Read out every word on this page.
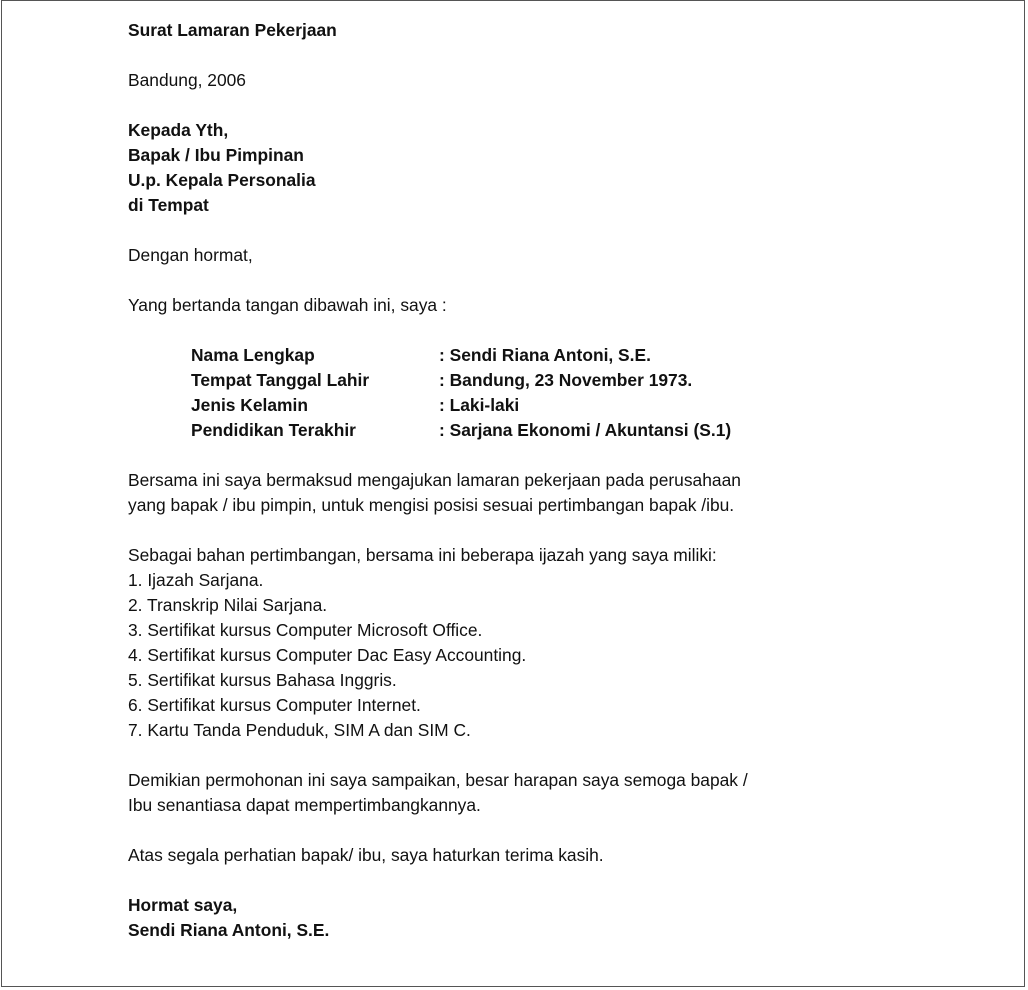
Surat Lamaran Pekerjaan
Bandung, 2006
Kepada Yth,
Bapak / Ibu Pimpinan
U.p. Kepala Personalia
di Tempat
Dengan hormat,
Yang bertanda tangan dibawah ini, saya :
Nama Lengkap	: Sendi Riana Antoni, S.E.
Tempat Tanggal Lahir	: Bandung, 23 November 1973.
Jenis Kelamin	: Laki-laki
Pendidikan Terakhir	: Sarjana Ekonomi / Akuntansi (S.1)
Bersama ini saya bermaksud mengajukan lamaran pekerjaan pada perusahaan
yang bapak / ibu pimpin, untuk mengisi posisi sesuai pertimbangan bapak /ibu.
Sebagai bahan pertimbangan, bersama ini beberapa ijazah yang saya miliki:
1. Ijazah Sarjana.
2. Transkrip Nilai Sarjana.
3. Sertifikat kursus Computer Microsoft Office.
4. Sertifikat kursus Computer Dac Easy Accounting.
5. Sertifikat kursus Bahasa Inggris.
6. Sertifikat kursus Computer Internet.
7. Kartu Tanda Penduduk, SIM A dan SIM C.
Demikian permohonan ini saya sampaikan, besar harapan saya semoga bapak /
Ibu senantiasa dapat mempertimbangkannya.
Atas segala perhatian bapak/ ibu, saya haturkan terima kasih.
Hormat saya,
Sendi Riana Antoni, S.E.
